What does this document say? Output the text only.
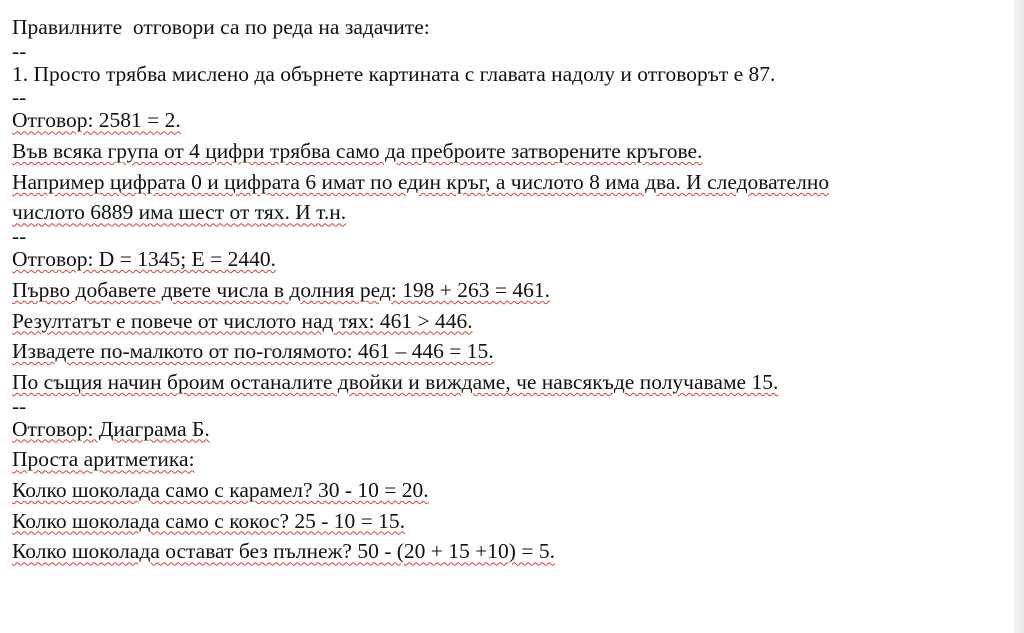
Правилните  отговори са по реда на задачите:
--
1. Просто трябва мислено да обърнете картината с главата надолу и отговорът е 87.
--
Отговор: 2581 = 2.
Във всяка група от 4 цифри трябва само да преброите затворените кръгове.
Например цифрата 0 и цифрата 6 имат по един кръг, а числото 8 има два. И следователно
числото 6889 има шест от тях. И т.н.
--
Отговор: D = 1345; E = 2440.
Първо добавете двете числа в долния ред: 198 + 263 = 461.
Резултатът е повече от числото над тях: 461 > 446.
Извадете по-малкото от по-голямото: 461 – 446 = 15.
По същия начин броим останалите двойки и виждаме, че навсякъде получаваме 15.
--
Отговор: Диаграма Б.
Проста аритметика:
Колко шоколада само с карамел? 30 - 10 = 20.
Колко шоколада само с кокос? 25 - 10 = 15.
Колко шоколада остават без пълнеж? 50 - (20 + 15 +10) = 5.
